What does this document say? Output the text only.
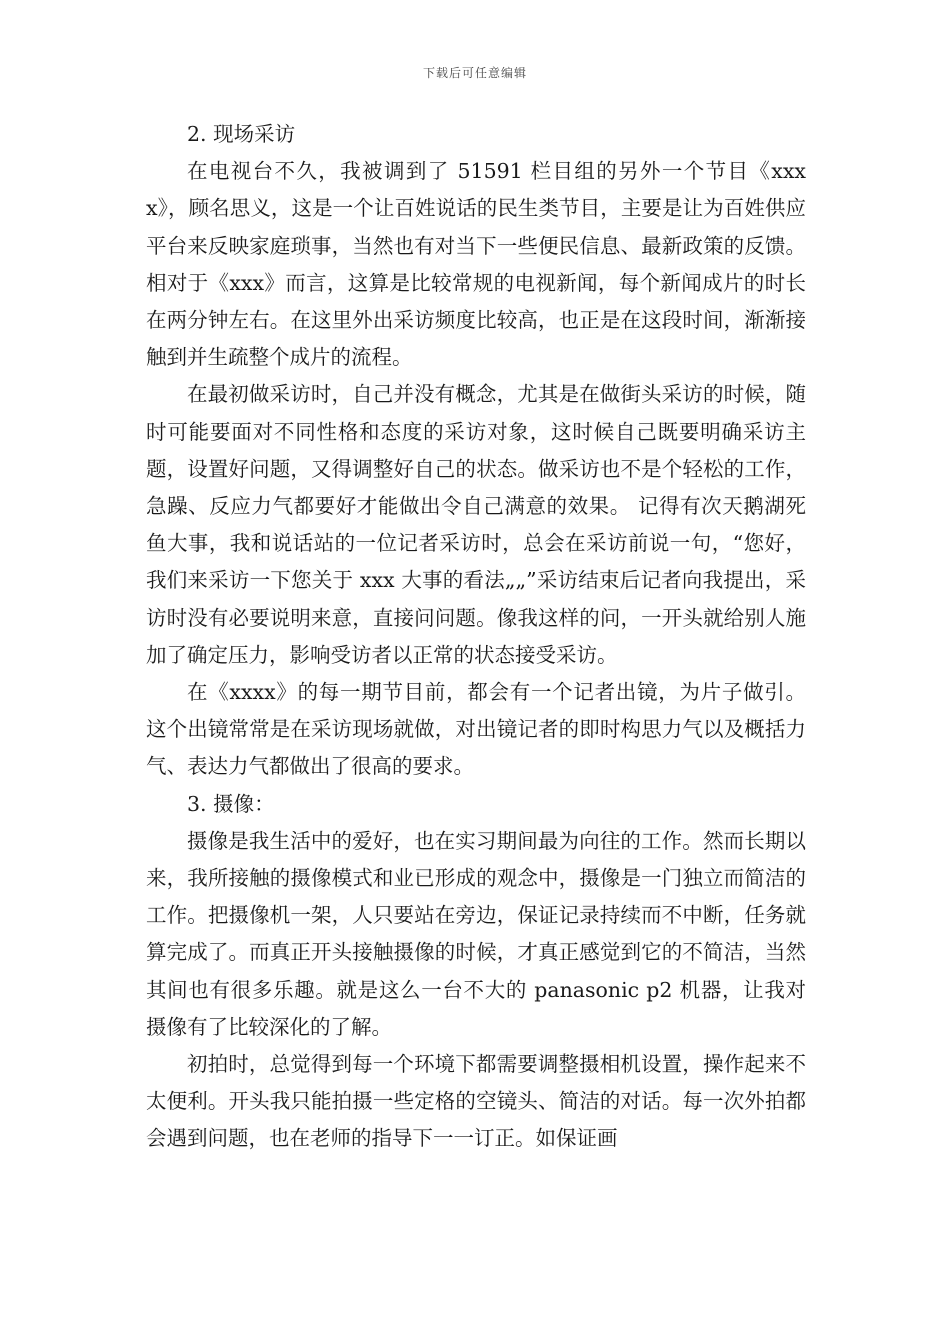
下载后可任意编辑

2. 现场采访

在电视台不久，我被调到了 51591 栏目组的另外一个节目《xxxx》，顾名思义，这是一个让百姓说话的民生类节目，主要是让为百姓供应平台来反映家庭琐事，当然也有对当下一些便民信息、最新政策的反馈。相对于《xxx》而言，这算是比较常规的电视新闻，每个新闻成片的时长在两分钟左右。在这里外出采访频度比较高，也正是在这段时间，渐渐接触到并生疏整个成片的流程。

在最初做采访时，自己并没有概念，尤其是在做街头采访的时候，随时可能要面对不同性格和态度的采访对象，这时候自己既要明确采访主题，设置好问题，又得调整好自己的状态。做采访也不是个轻松的工作，急躁、反应力气都要好才能做出令自己满意的效果。 记得有次天鹅湖死鱼大事，我和说话站的一位记者采访时，总会在采访前说一句，“您好，我们来采访一下您关于 xxx 大事的看法„„”采访结束后记者向我提出，采访时没有必要说明来意，直接问问题。像我这样的问，一开头就给别人施加了确定压力，影响受访者以正常的状态接受采访。

在《xxxx》的每一期节目前，都会有一个记者出镜，为片子做引。这个出镜常常是在采访现场就做，对出镜记者的即时构思力气以及概括力气、表达力气都做出了很高的要求。

3. 摄像：

摄像是我生活中的爱好，也在实习期间最为向往的工作。然而长期以来，我所接触的摄像模式和业已形成的观念中，摄像是一门独立而简洁的工作。把摄像机一架，人只要站在旁边，保证记录持续而不中断，任务就算完成了。而真正开头接触摄像的时候，才真正感觉到它的不简洁，当然其间也有很多乐趣。就是这么一台不大的 panasonic p2 机器，让我对摄像有了比较深化的了解。

初拍时，总觉得到每一个环境下都需要调整摄相机设置，操作起来不太便利。开头我只能拍摄一些定格的空镜头、简洁的对话。每一次外拍都会遇到问题，也在老师的指导下一一订正。如保证画
